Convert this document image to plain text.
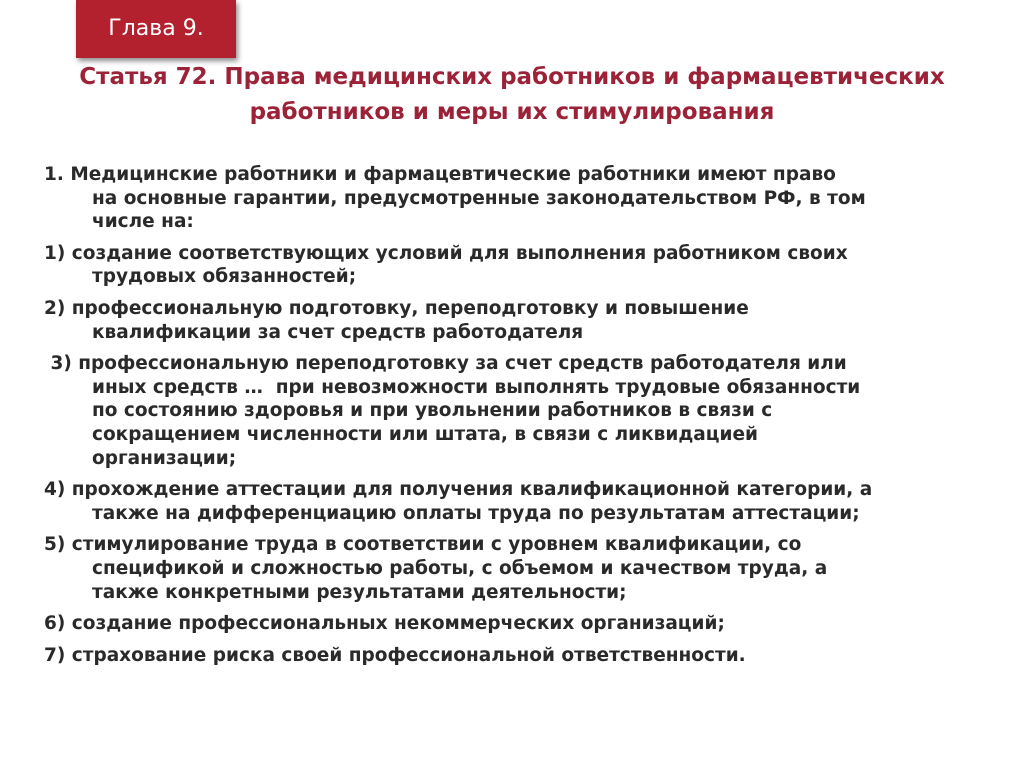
Глава 9.
Статья 72. Права медицинских работников и фармацевтических
работников и меры их стимулирования
1. Медицинские работники и фармацевтические работники имеют право
на основные гарантии, предусмотренные законодательством РФ, в том
числе на:
1) создание соответствующих условий для выполнения работником своих
трудовых обязанностей;
2) профессиональную подготовку, переподготовку и повышение
квалификации за счет средств работодателя
3) профессиональную переподготовку за счет средств работодателя или
иных средств …  при невозможности выполнять трудовые обязанности
по состоянию здоровья и при увольнении работников в связи с
сокращением численности или штата, в связи с ликвидацией
организации;
4) прохождение аттестации для получения квалификационной категории, а
также на дифференциацию оплаты труда по результатам аттестации;
5) стимулирование труда в соответствии с уровнем квалификации, со
спецификой и сложностью работы, с объемом и качеством труда, а
также конкретными результатами деятельности;
6) создание профессиональных некоммерческих организаций;
7) страхование риска своей профессиональной ответственности.
